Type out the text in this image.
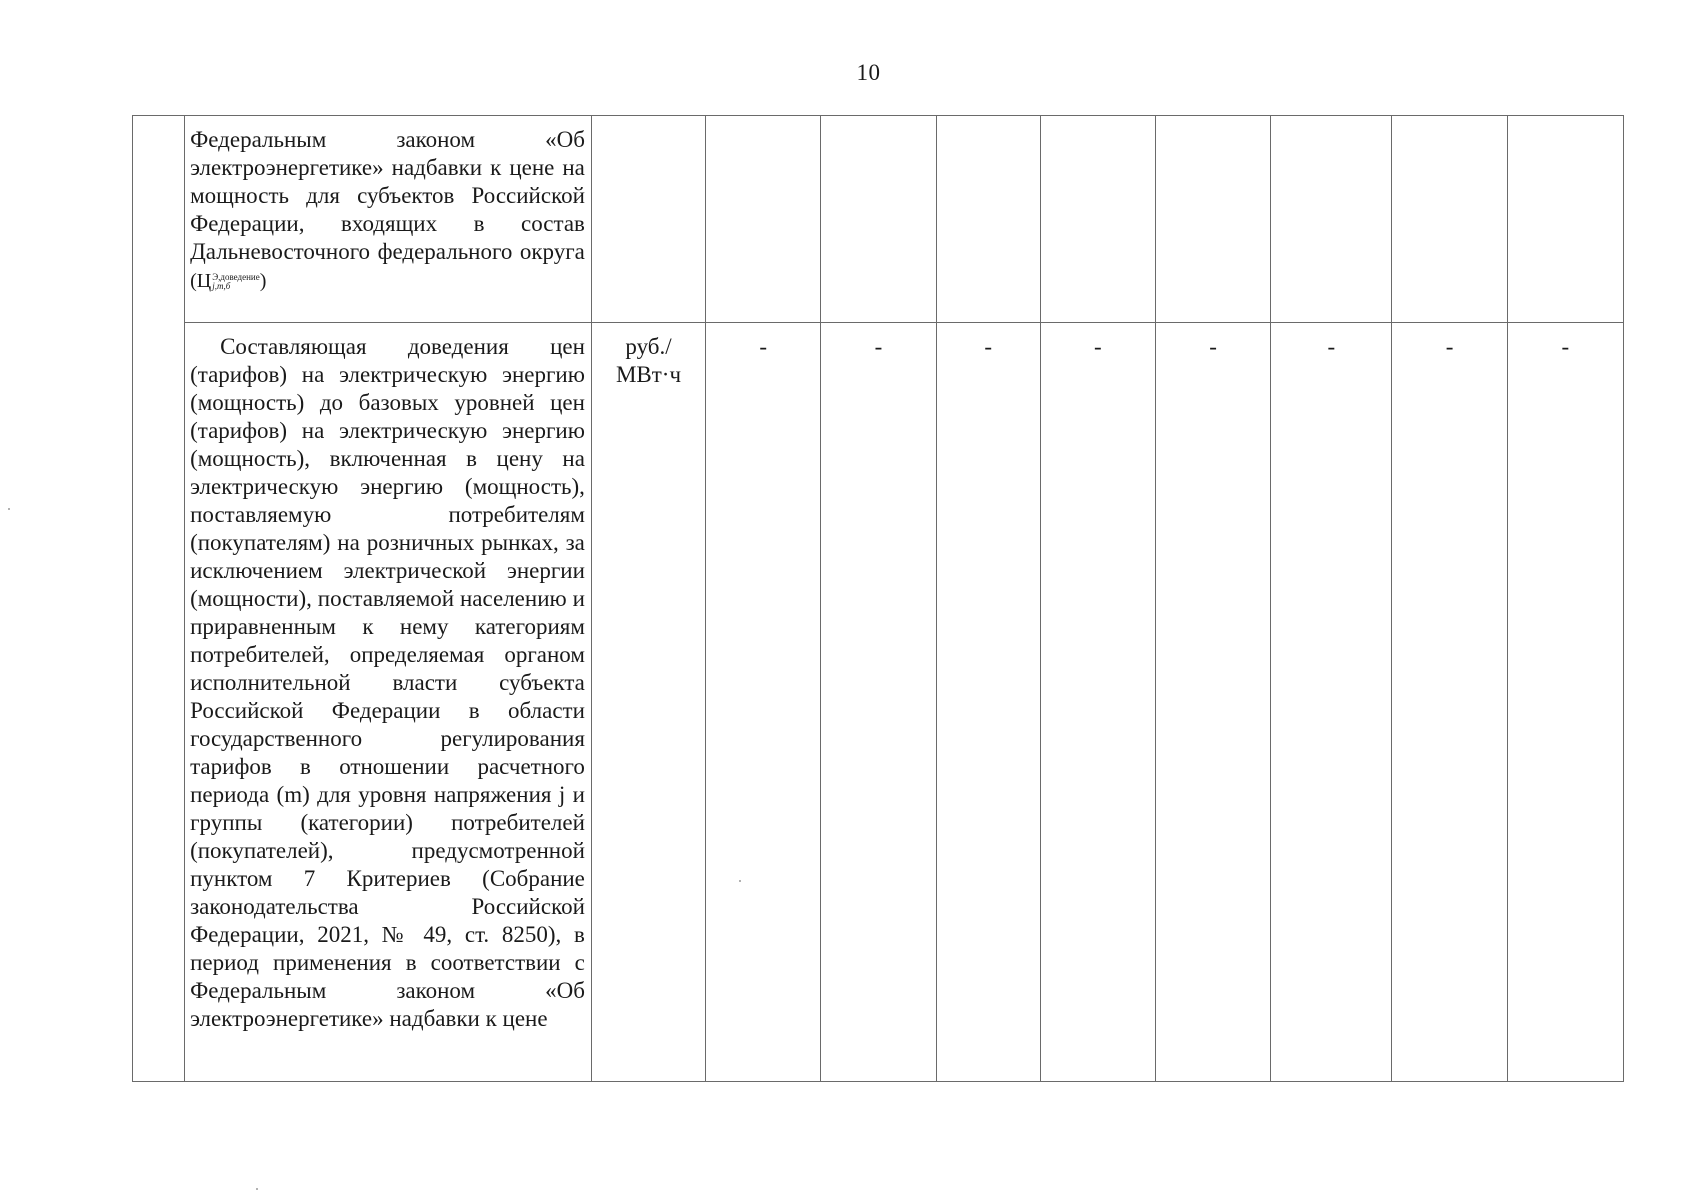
10

	Федеральным законом «Об электроэнергетике» надбавки к цене на мощность для субъектов Российской Федерации, входящих в состав Дальневосточного федерального округа (Ц Э,доведение
j,m,б )									

	Составляющая доведения цен (тарифов) на электрическую энергию (мощность) до базовых уровней цен (тарифов) на электрическую энергию (мощность), включенная в цену на электрическую энергию (мощность), поставляемую потребителям (покупателям) на розничных рынках, за исключением электрической энергии (мощности), поставляемой населению и приравненным к нему категориям потребителей, определяемая органом исполнительной власти субъекта Российской Федерации в области государственного регулирования тарифов в отношении расчетного периода (m) для уровня напряжения j и группы (категории) потребителей (покупателей), предусмотренной пунктом 7 Критериев (Собрание законодательства Российской Федерации, 2021, № 49, ст. 8250), в период применения в соответствии с Федеральным законом «Об электроэнергетике» надбавки к цене	руб./
МВт·ч	-	-	-	-	-	-	-	-
